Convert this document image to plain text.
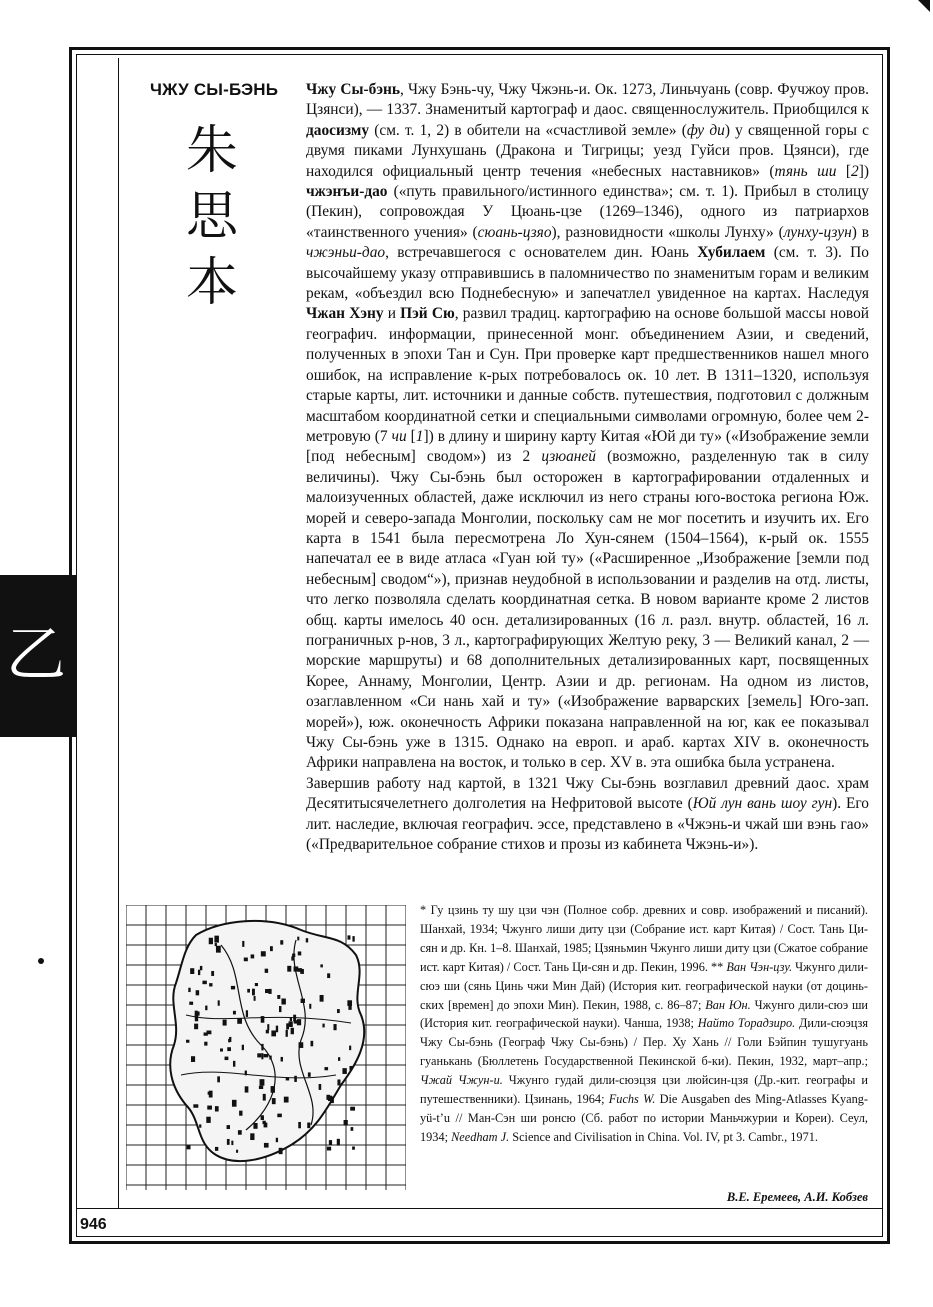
乙
ЧЖУ СЫ-БЭНЬ
朱
思
本

Чжу Сы-бэнь, Чжу Бэнь-чу, Чжу Чжэнь-и. Ок. 1273, Линьчуань (совр. Фучжоу пров. Цзянси), — 1337. Знаменитый картограф и даос. священнослужитель. Приобщился к даосизму (см. т. 1, 2) в обители на «счастливой земле» (фу ди) у священной горы с двумя пиками Лунхушань (Дракона и Тигрицы; уезд Гуйси пров. Цзянси), где находился официальный центр течения «небесных наставников» (тянь ши [2]) чжэнъи-дао («путь правильного/истинного единства»; см. т. 1). Прибыл в столицу (Пекин), сопровождая У Цюань-цзе (1269–1346), одного из патриархов «таинственного учения» (сюань-цзяо), разновидности «школы Лунху» (лунху-цзун) в чжэньи-дао, встречавшегося с основателем дин. Юань Хубилаем (см. т. 3). По высочайшему указу отправившись в паломничество по знаменитым горам и великим рекам, «объездил всю Поднебесную» и запечатлел увиденное на картах. Наследуя Чжан Хэну и Пэй Сю, развил традиц. картографию на основе большой массы новой географич. информации, принесенной монг. объединением Азии, и сведений, полученных в эпохи Тан и Сун. При проверке карт предшественников нашел много ошибок, на исправление к-рых потребовалось ок. 10 лет. В 1311–1320, используя старые карты, лит. источники и данные собств. путешествия, подготовил с должным масштабом координатной сетки и специальными символами огромную, более чем 2-метровую (7 чи [1]) в длину и ширину карту Китая «Юй ди ту» («Изображение земли [под небесным] сводом») из 2 цзюаней (возможно, разделенную так в силу величины). Чжу Сы-бэнь был осторожен в картографировании отдаленных и малоизученных областей, даже исключил из него страны юго-востока региона Юж. морей и северо-запада Монголии, поскольку сам не мог посетить и изучить их. Его карта в 1541 была пересмотрена Ло Хун-сянем (1504–1564), к-рый ок. 1555 напечатал ее в виде атласа «Гуан юй ту» («Расширенное „Изображение [земли под небесным] сводом“»), признав неудобной в использовании и разделив на отд. листы, что легко позволяла сделать координатная сетка. В новом варианте кроме 2 листов общ. карты имелось 40 осн. детализированных (16 л. разл. внутр. областей, 16 л. пограничных р-нов, 3 л., картографирующих Желтую реку, 3 — Великий канал, 2 — морские маршруты) и 68 дополнительных детализированных карт, посвященных Корее, Аннаму, Монголии, Центр. Азии и др. регионам. На одном из листов, озаглавленном «Си нань хай и ту» («Изображение варварских [земель] Юго-зап. морей»), юж. оконечность Африки показана направленной на юг, как ее показывал Чжу Сы-бэнь уже в 1315. Однако на европ. и араб. картах XIV в. оконечность Африки направлена на восток, и только в сер. XV в. эта ошибка была устранена.

Завершив работу над картой, в 1321 Чжу Сы-бэнь возглавил древний даос. храм Десятитысячелетнего долголетия на Нефритовой высоте (Юй лун вань шоу гун). Его лит. наследие, включая географич. эссе, представлено в «Чжэнь-и чжай ши вэнь гао» («Предварительное собрание стихов и прозы из кабинета Чжэнь-и»).

* Гу цзинь ту шу цзи чэн (Полное собр. древних и совр. изображений и писаний). Шанхай, 1934; Чжунго лиши диту цзи (Собрание ист. карт Китая) / Сост. Тань Ци-сян и др. Кн. 1–8. Шанхай, 1985; Цзяньмин Чжунго лиши диту цзи (Сжатое собрание ист. карт Китая) / Сост. Тань Ци-сян и др. Пекин, 1996. ** Ван Чэн-цзу. Чжунго дили-сюэ ши (сянь Цинь чжи Мин Дай) (История кит. географической науки (от доциньских [времен] до эпохи Мин). Пекин, 1988, с. 86–87; Ван Юн. Чжунго дили-сюэ ши (История кит. географической науки). Чанша, 1938; Найто Торадзиро. Дили-сюэцзя Чжу Сы-бэнь (Географ Чжу Сы-бэнь) / Пер. Ху Хань // Голи Бэйпин тушугуань гуанькань (Бюллетень Государственной Пекинской б-ки). Пекин, 1932, март–апр.; Чжай Чжун-и. Чжунго гудай дили-сюэцзя цзи люйсин-цзя (Др.-кит. географы и путешественники). Цзинань, 1964; Fuchs W. Die Ausgaben des Ming-Atlasses Kyang-yü-t’u // Ман-Сэн ши ронсю (Сб. работ по истории Маньчжурии и Кореи). Сеул, 1934; Needham J. Science and Civilisation in China. Vol. IV, pt 3. Cambr., 1971.
В.Е. Еремеев, А.И. Кобзев
946
